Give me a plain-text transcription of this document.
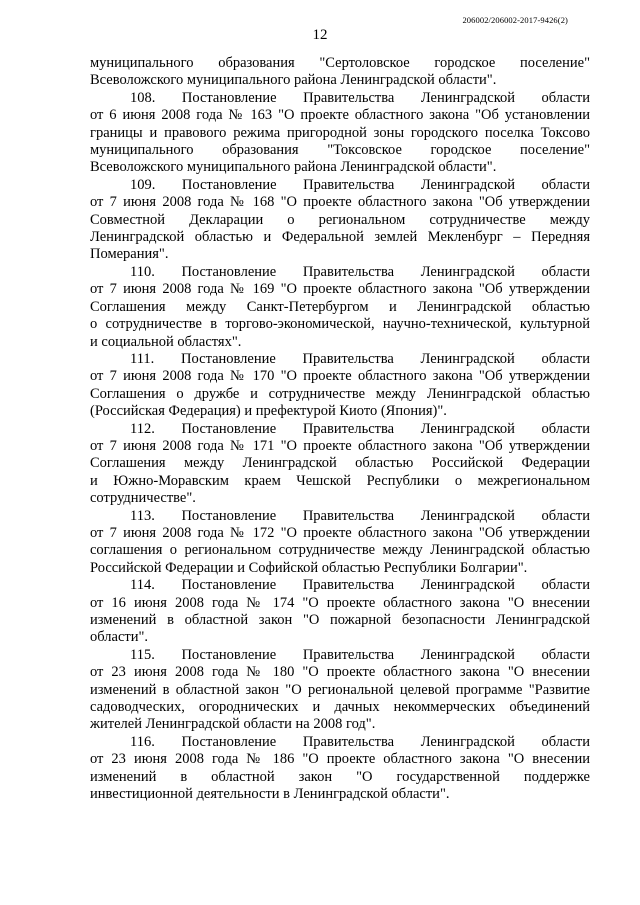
206002/206002-2017-9426(2)
12
муниципального образования "Сертоловское городское поселение"
Всеволожского муниципального района Ленинградской области".
108. Постановление Правительства Ленинградской области
от 6 июня 2008 года № 163 "О проекте областного закона "Об установлении
границы и правового режима пригородной зоны городского поселка Токсово
муниципального образования "Токсовское городское поселение"
Всеволожского муниципального района Ленинградской области".
109. Постановление Правительства Ленинградской области
от 7 июня 2008 года № 168 "О проекте областного закона "Об утверждении
Совместной Декларации о региональном сотрудничестве между
Ленинградской областью и Федеральной землей Мекленбург – Передняя
Померания".
110. Постановление Правительства Ленинградской области
от 7 июня 2008 года № 169 "О проекте областного закона "Об утверждении
Соглашения между Санкт-Петербургом и Ленинградской областью
о сотрудничестве в торгово-экономической, научно-технической, культурной
и социальной областях".
111. Постановление Правительства Ленинградской области
от 7 июня 2008 года № 170 "О проекте областного закона "Об утверждении
Соглашения о дружбе и сотрудничестве между Ленинградской областью
(Российская Федерация) и префектурой Киото (Япония)".
112. Постановление Правительства Ленинградской области
от 7 июня 2008 года № 171 "О проекте областного закона "Об утверждении
Соглашения между Ленинградской областью Российской Федерации
и Южно-Моравским краем Чешской Республики о межрегиональном
сотрудничестве".
113. Постановление Правительства Ленинградской области
от 7 июня 2008 года № 172 "О проекте областного закона "Об утверждении
соглашения о региональном сотрудничестве между Ленинградской областью
Российской Федерации и Софийской областью Республики Болгарии".
114. Постановление Правительства Ленинградской области
от 16 июня 2008 года № 174 "О проекте областного закона "О внесении
изменений в областной закон "О пожарной безопасности Ленинградской
области".
115. Постановление Правительства Ленинградской области
от 23 июня 2008 года № 180 "О проекте областного закона "О внесении
изменений в областной закон "О региональной целевой программе "Развитие
садоводческих, огороднических и дачных некоммерческих объединений
жителей Ленинградской области на 2008 год".
116. Постановление Правительства Ленинградской области
от 23 июня 2008 года № 186 "О проекте областного закона "О внесении
изменений в областной закон "О государственной поддержке
инвестиционной деятельности в Ленинградской области".
